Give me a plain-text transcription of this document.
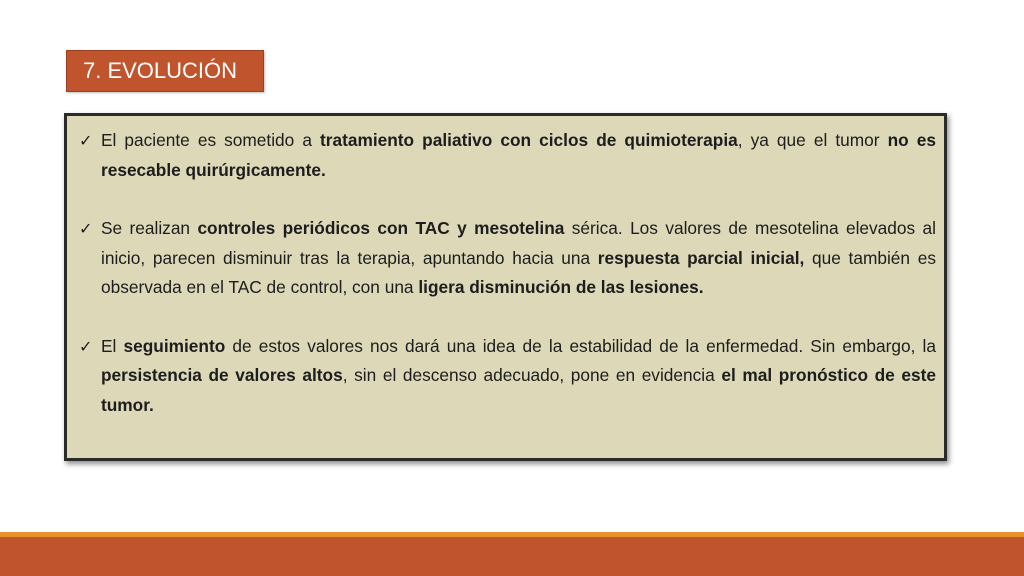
7. EVOLUCIÓN
✓ El paciente es sometido a tratamiento paliativo con ciclos de quimioterapia, ya que el tumor no es resecable quirúrgicamente.
✓ Se realizan controles periódicos con TAC y mesotelina sérica. Los valores de mesotelina elevados al inicio, parecen disminuir tras la terapia, apuntando hacia una respuesta parcial inicial, que también es observada en el TAC de control, con una ligera disminución de las lesiones.
✓ El seguimiento de estos valores nos dará una idea de la estabilidad de la enfermedad. Sin embargo, la persistencia de valores altos, sin el descenso adecuado, pone en evidencia el mal pronóstico de este tumor.
